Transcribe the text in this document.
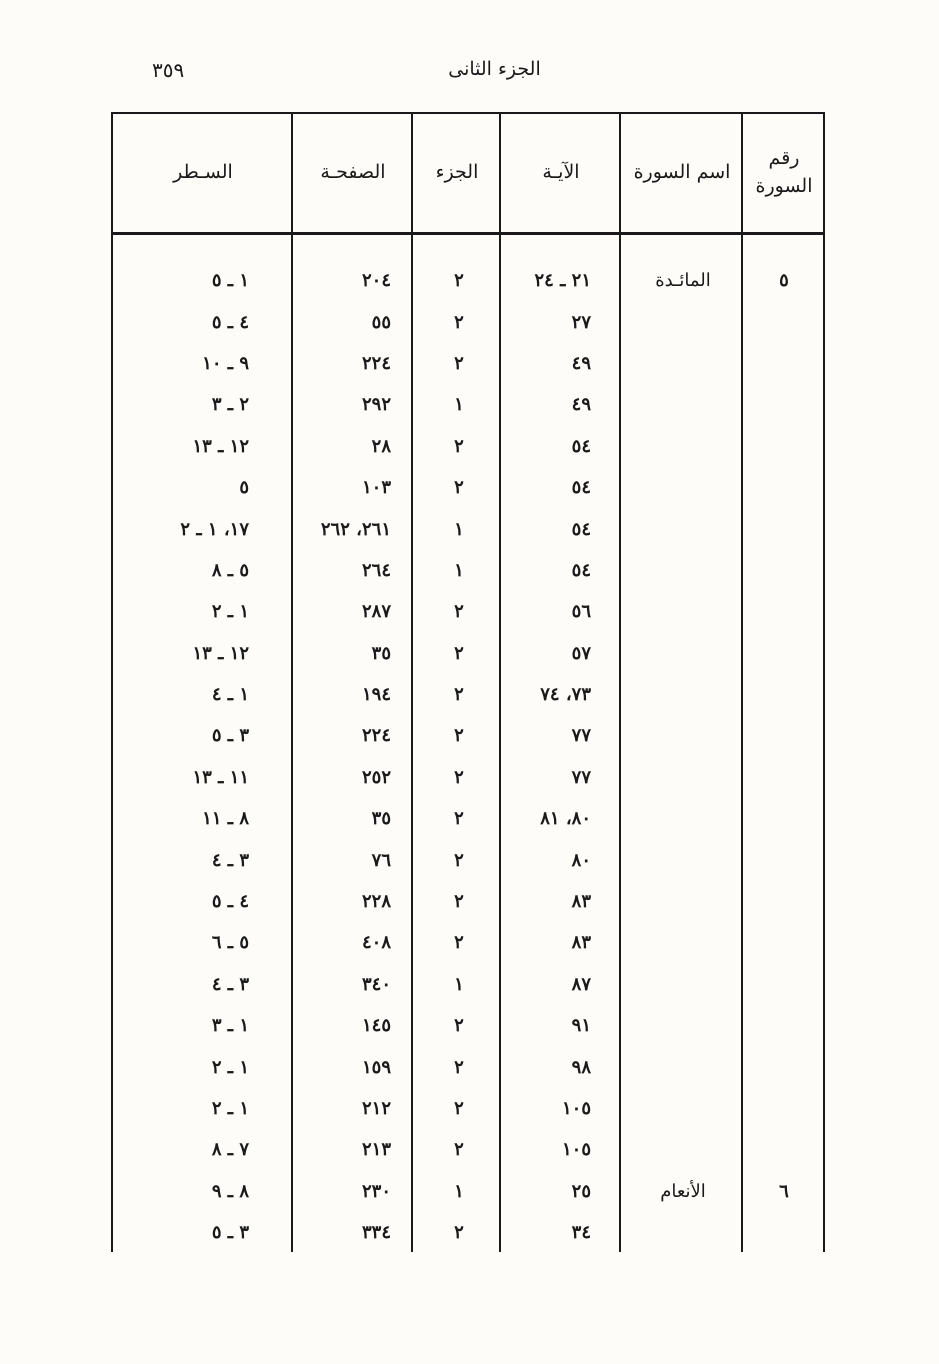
٣٥٩	الجزء الثانى
رقم
السورة
اسم السورة
الآيـة
الجزء
الصفحـة
السـطر
٥
المائـدة
٢١ ـ ٢٤
٢
٢٠٤
١ ـ ٥
٢٧
٢
٥٥
٤ ـ ٥
٤٩
٢
٢٢٤
٩ ـ ١٠
٤٩
١
٢٩٢
٢ ـ ٣
٥٤
٢
٢٨
١٢ ـ ١٣
٥٤
٢
١٠٣
٥
٥٤
١
٢٦١، ٢٦٢
١٧، ١ ـ ٢
٥٤
١
٢٦٤
٥ ـ ٨
٥٦
٢
٢٨٧
١ ـ ٢
٥٧
٢
٣٥
١٢ ـ ١٣
٧٣، ٧٤
٢
١٩٤
١ ـ ٤
٧٧
٢
٢٢٤
٣ ـ ٥
٧٧
٢
٢٥٢
١١ ـ ١٣
٨٠، ٨١
٢
٣٥
٨ ـ ١١
٨٠
٢
٧٦
٣ ـ ٤
٨٣
٢
٢٢٨
٤ ـ ٥
٨٣
٢
٤٠٨
٥ ـ ٦
٨٧
١
٣٤٠
٣ ـ ٤
٩١
٢
١٤٥
١ ـ ٣
٩٨
٢
١٥٩
١ ـ ٢
١٠٥
٢
٢١٢
١ ـ ٢
١٠٥
٢
٢١٣
٧ ـ ٨
٦
الأنعام
٢٥
١
٢٣٠
٨ ـ ٩
٣٤
٢
٣٣٤
٣ ـ ٥
